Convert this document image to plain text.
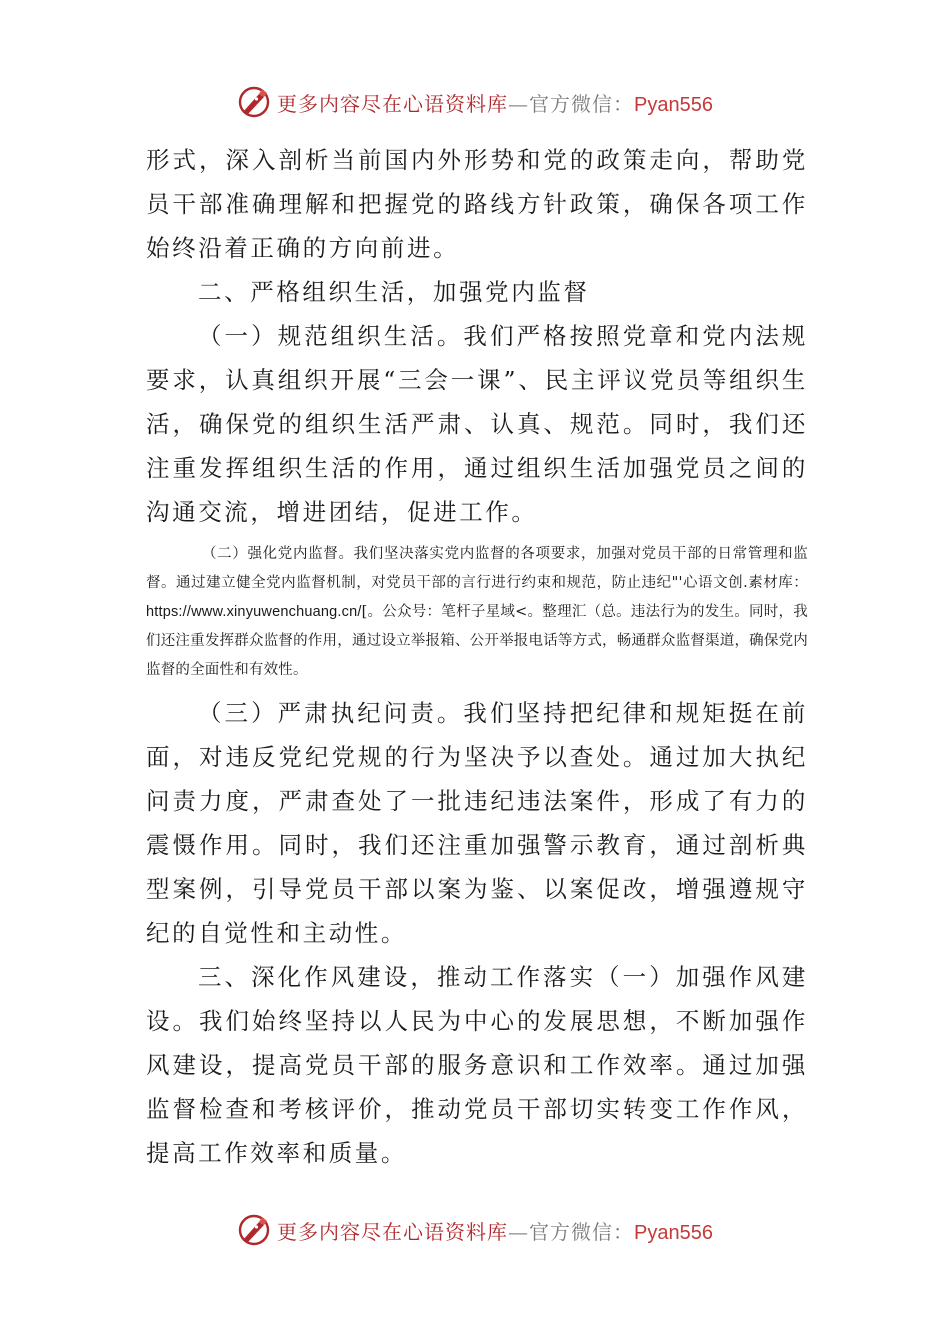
更多内容尽在心语资料库—官方微信：Pyan556

形式，深入剖析当前国内外形势和党的政策走向，帮助党员干部准确理解和把握党的路线方针政策，确保各项工作始终沿着正确的方向前进。

二、严格组织生活，加强党内监督

（一）规范组织生活。我们严格按照党章和党内法规要求，认真组织开展“三会一课”、民主评议党员等组织生活，确保党的组织生活严肃、认真、规范。同时，我们还注重发挥组织生活的作用，通过组织生活加强党员之间的沟通交流，增进团结，促进工作。

（二）强化党内监督。我们坚决落实党内监督的各项要求，加强对党员干部的日常管理和监督。通过建立健全党内监督机制，对党员干部的言行进行约束和规范，防止违纪"'心语文创.素材库：https://www.xinyuwenchuang.cn/[。公众号：笔杆子星域<。整理汇（总。违法行为的发生。同时，我们还注重发挥群众监督的作用，通过设立举报箱、公开举报电话等方式，畅通群众监督渠道，确保党内监督的全面性和有效性。

（三）严肃执纪问责。我们坚持把纪律和规矩挺在前面，对违反党纪党规的行为坚决予以查处。通过加大执纪问责力度，严肃查处了一批违纪违法案件，形成了有力的震慑作用。同时，我们还注重加强警示教育，通过剖析典型案例，引导党员干部以案为鉴、以案促改，增强遵规守纪的自觉性和主动性。

三、深化作风建设，推动工作落实（一）加强作风建设。我们始终坚持以人民为中心的发展思想，不断加强作风建设，提高党员干部的服务意识和工作效率。通过加强监督检查和考核评价，推动党员干部切实转变工作作风，提高工作效率和质量。

更多内容尽在心语资料库—官方微信：Pyan556
